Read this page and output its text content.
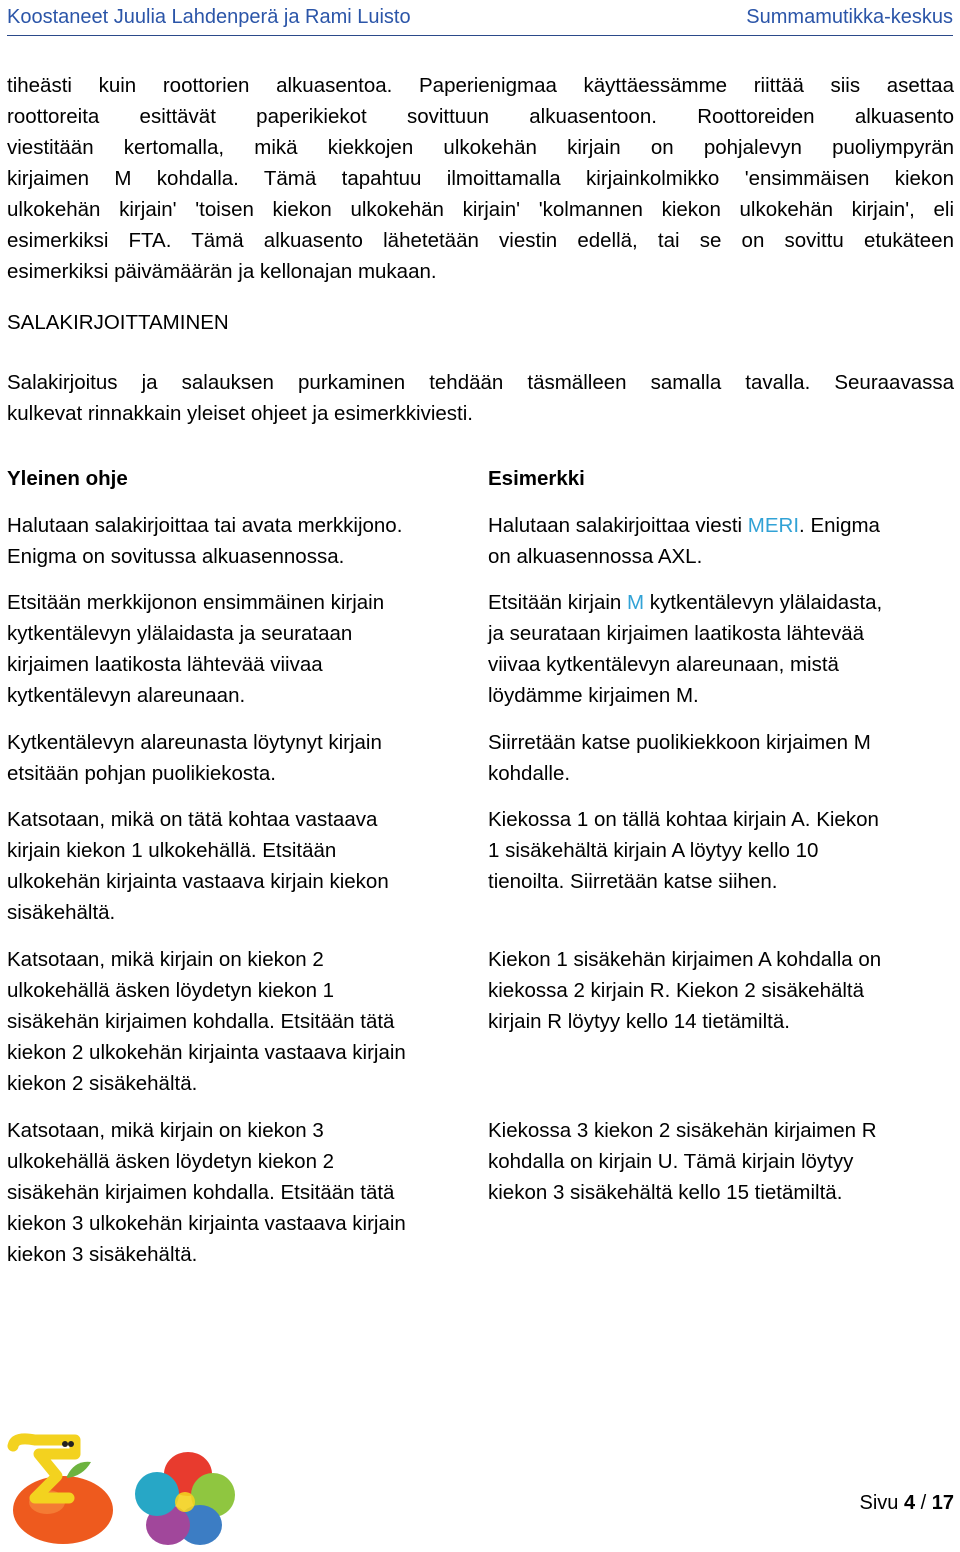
Koostaneet Juulia Lahdenperä ja Rami Luisto	Summamutikka-keskus
tiheästi kuin roottorien alkuasentoa. Paperienigmaa käyttäessämme riittää siis asettaa
roottoreita esittävät paperikiekot sovittuun alkuasentoon. Roottoreiden alkuasento
viestitään kertomalla, mikä kiekkojen ulkokehän kirjain on pohjalevyn puoliympyrän
kirjaimen M kohdalla. Tämä tapahtuu ilmoittamalla kirjainkolmikko 'ensimmäisen kiekon
ulkokehän kirjain' 'toisen kiekon ulkokehän kirjain' 'kolmannen kiekon ulkokehän kirjain', eli
esimerkiksi FTA. Tämä alkuasento lähetetään viestin edellä, tai se on sovittu etukäteen
esimerkiksi päivämäärän ja kellonajan mukaan.
SALAKIRJOITTAMINEN
Salakirjoitus ja salauksen purkaminen tehdään täsmälleen samalla tavalla. Seuraavassa
kulkevat rinnakkain yleiset ohjeet ja esimerkkiviesti.
Yleinen ohje	Esimerkki
Halutaan salakirjoittaa tai avata merkkijono.
Enigma on sovitussa alkuasennossa.
Etsitään merkkijonon ensimmäinen kirjain
kytkentälevyn ylälaidasta ja seurataan
kirjaimen laatikosta lähtevää viivaa
kytkentälevyn alareunaan.
Kytkentälevyn alareunasta löytynyt kirjain
etsitään pohjan puolikiekosta.
Katsotaan, mikä on tätä kohtaa vastaava
kirjain kiekon 1 ulkokehällä. Etsitään
ulkokehän kirjainta vastaava kirjain kiekon
sisäkehältä.
Katsotaan, mikä kirjain on kiekon 2
ulkokehällä äsken löydetyn kiekon 1
sisäkehän kirjaimen kohdalla. Etsitään tätä
kiekon 2 ulkokehän kirjainta vastaava kirjain
kiekon 2 sisäkehältä.
Katsotaan, mikä kirjain on kiekon 3
ulkokehällä äsken löydetyn kiekon 2
sisäkehän kirjaimen kohdalla. Etsitään tätä
kiekon 3 ulkokehän kirjainta vastaava kirjain
kiekon 3 sisäkehältä.
Halutaan salakirjoittaa viesti MERI. Enigma
on alkuasennossa AXL.
Etsitään kirjain M kytkentälevyn ylälaidasta,
ja seurataan kirjaimen laatikosta lähtevää
viivaa kytkentälevyn alareunaan, mistä
löydämme kirjaimen M.
Siirretään katse puolikiekkoon kirjaimen M
kohdalle.
Kiekossa 1 on tällä kohtaa kirjain A. Kiekon
1 sisäkehältä kirjain A löytyy kello 10
tienoilta. Siirretään katse siihen.
Kiekon 1 sisäkehän kirjaimen A kohdalla on
kiekossa 2 kirjain R. Kiekon 2 sisäkehältä
kirjain R löytyy kello 14 tietämiltä.
Kiekossa 3 kiekon 2 sisäkehän kirjaimen R
kohdalla on kirjain U. Tämä kirjain löytyy
kiekon 3 sisäkehältä kello 15 tietämiltä.
Sivu 4 / 17
